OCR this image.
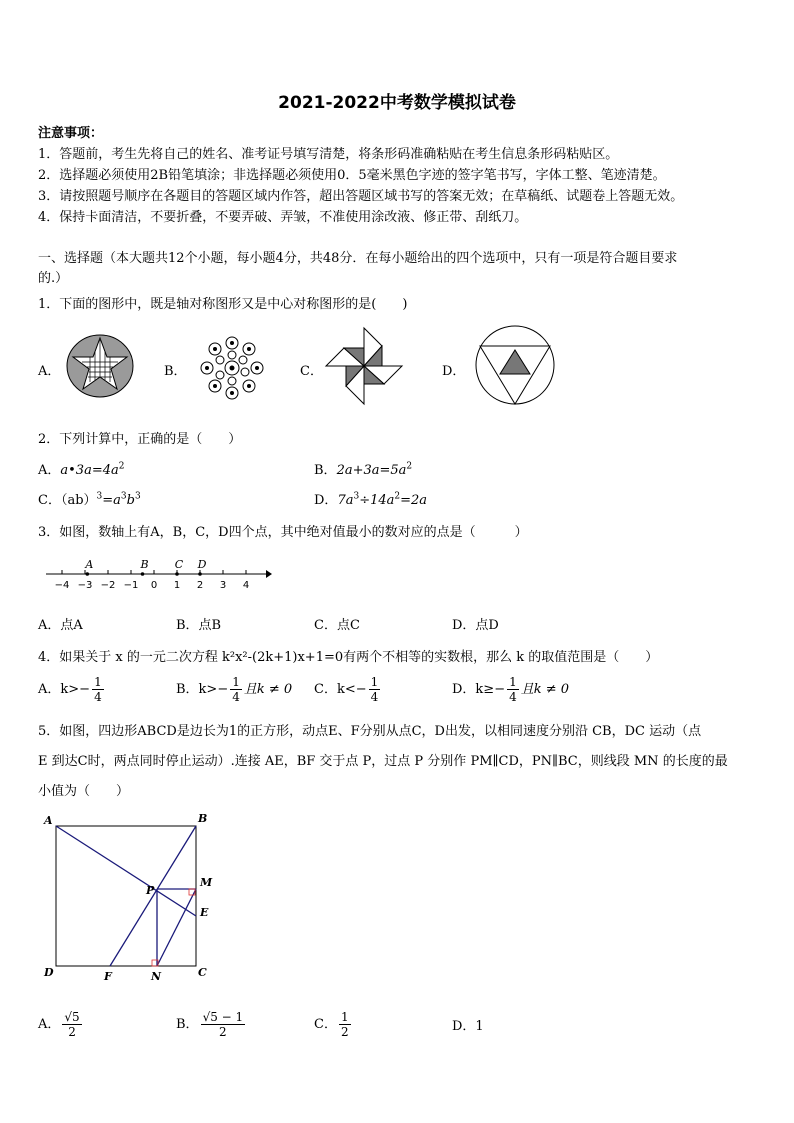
2021-2022中考数学模拟试卷
注意事项：
1．答题前，考生先将自己的姓名、准考证号填写清楚，将条形码准确粘贴在考生信息条形码粘贴区。
2．选择题必须使用2B铅笔填涂；非选择题必须使用0．5毫米黑色字迹的签字笔书写，字体工整、笔迹清楚。
3．请按照题号顺序在各题目的答题区域内作答，超出答题区域书写的答案无效；在草稿纸、试题卷上答题无效。
4．保持卡面清洁，不要折叠，不要弄破、弄皱，不准使用涂改液、修正带、刮纸刀。
一、选择题（本大题共12个小题，每小题4分，共48分．在每小题给出的四个选项中，只有一项是符合题目要求
的.）
1．下面的图形中，既是轴对称图形又是中心对称图形的是(　　)
A．	B．	C．	D．
2．下列计算中，正确的是（　　）
A．$a•3a=4a^2$	B．$2a+3a=5a^2$
C．$(ab)^3=a^3b^3$	D．$7a^3\div 14a^2=2a$
3．如图，数轴上有A，B，C，D四个点，其中绝对值最小的数对应的点是（　　　）
−4 −3 −2 −1 0 1 2 3 4
A	B C D
A．点A	B．点B	C．点C	D．点D
4．如果关于 x 的一元二次方程 k²x²-(2k+1)x+1=0有两个不相等的实数根，那么 k 的取值范围是（　　）
A．$k>- \frac{1}{4}$	B．$k>- \frac{1}{4}$ 且k ≠ 0 C．$k<- \frac{1}{4}$	D．$k\ge- \frac{1}{4}$ 且k ≠ 0
5．如图，四边形ABCD是边长为1的正方形，动点E、F分别从点C，D出发，以相同速度分别沿 CB，DC 运动（点
E 到达C时，两点同时停止运动）.连接 AE，BF 交于点 P，过点 P 分别作 PM∥CD，PN∥BC，则线段 MN 的长度的最
小值为（　　）
A	B
C
D
E
F
M
N
P
A． $\frac{√5}{2}$	B． $\frac{√5 - 1}{2}$	C． $\frac{1}{2}$	D．1
